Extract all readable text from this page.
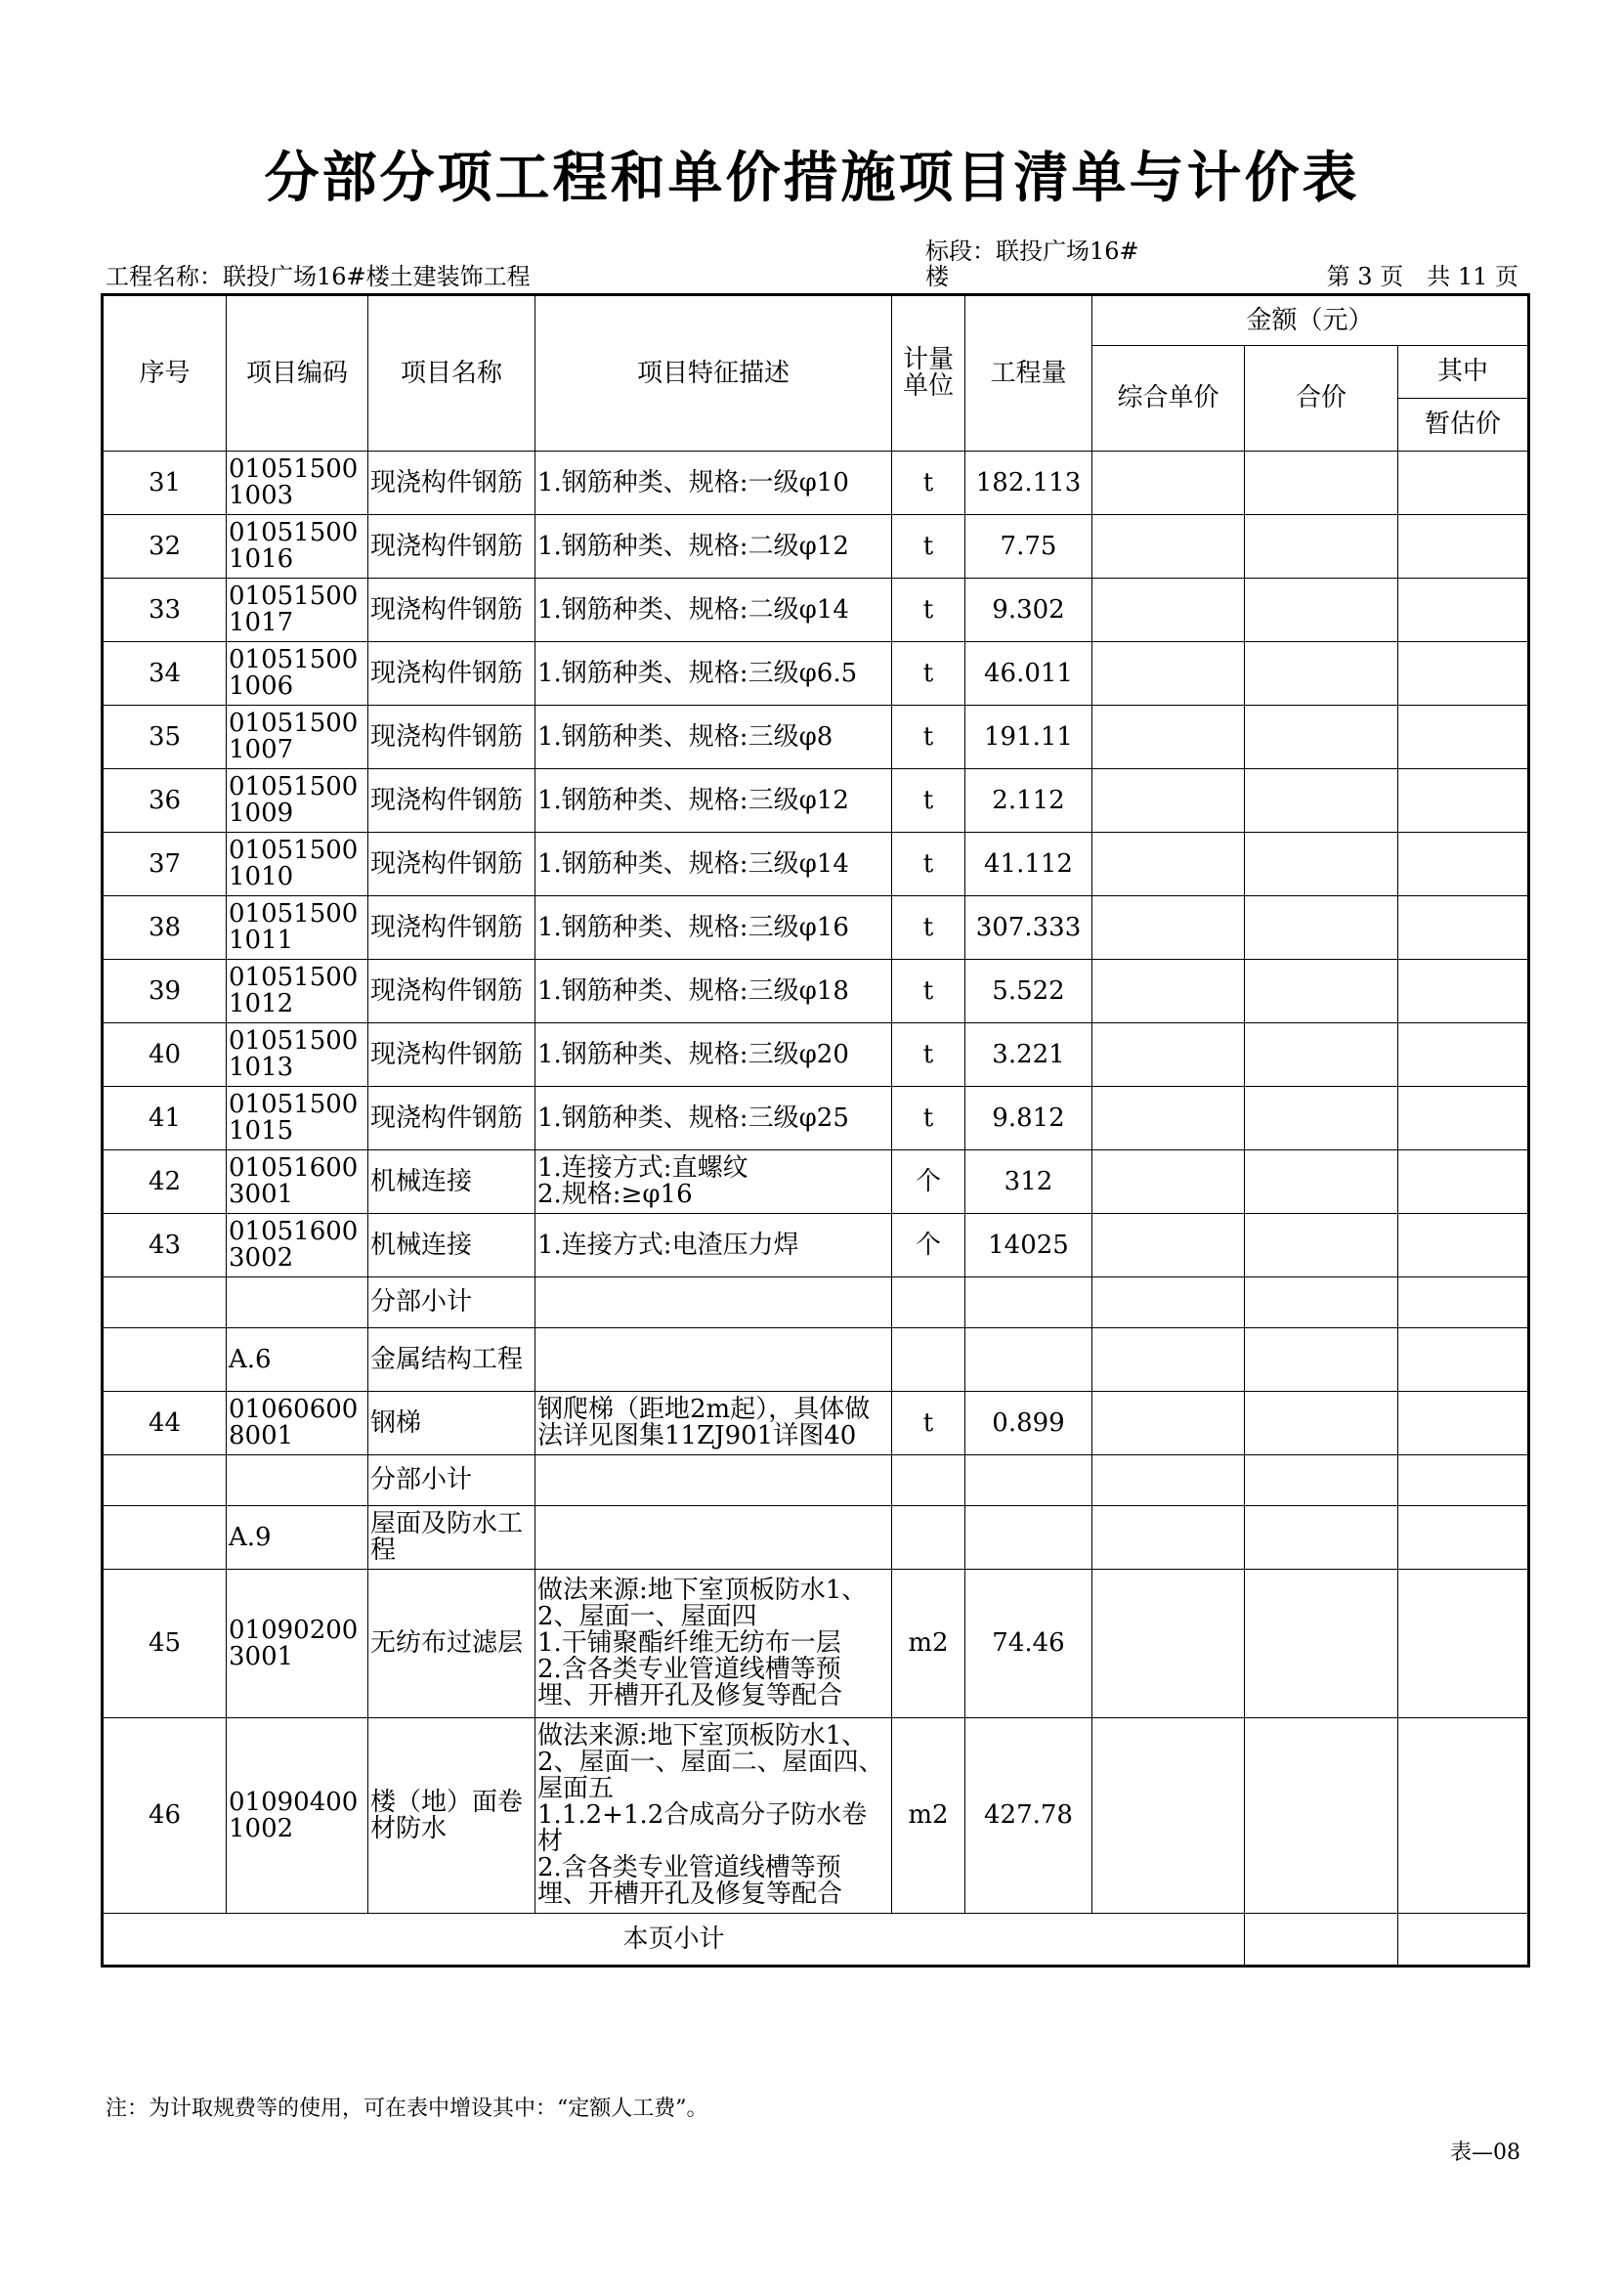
分部分项工程和单价措施项目清单与计价表
工程名称：联投广场16#楼土建装饰工程
标段：联投广场16#
楼	第 3 页　共 11 页
序号	项目编码	项目名称	项目特征描述	计量单位	工程量	金额（元）		
						综合单价	合价	其中
								暂估价
31	010515001003	现浇构件钢筋	1.钢筋种类、规格:一级φ10	t	182.113			
32	010515001016	现浇构件钢筋	1.钢筋种类、规格:二级φ12	t	7.75			
33	010515001017	现浇构件钢筋	1.钢筋种类、规格:二级φ14	t	9.302			
34	010515001006	现浇构件钢筋	1.钢筋种类、规格:三级φ6.5	t	46.011			
35	010515001007	现浇构件钢筋	1.钢筋种类、规格:三级φ8	t	191.11			
36	010515001009	现浇构件钢筋	1.钢筋种类、规格:三级φ12	t	2.112			
37	010515001010	现浇构件钢筋	1.钢筋种类、规格:三级φ14	t	41.112			
38	010515001011	现浇构件钢筋	1.钢筋种类、规格:三级φ16	t	307.333			
39	010515001012	现浇构件钢筋	1.钢筋种类、规格:三级φ18	t	5.522			
40	010515001013	现浇构件钢筋	1.钢筋种类、规格:三级φ20	t	3.221			
41	010515001015	现浇构件钢筋	1.钢筋种类、规格:三级φ25	t	9.812			
42	010516003001	机械连接	1.连接方式:直螺纹
2.规格:≥φ16	个	312			
43	010516003002	机械连接	1.连接方式:电渣压力焊	个	14025			
		分部小计						
	A.6	金属结构工程						
44	010606008001	钢梯	钢爬梯（距地2m起），具体做法详见图集11ZJ901详图40	t	0.899			
		分部小计						
	A.9	屋面及防水工程						
45	010902003001	无纺布过滤层	做法来源:地下室顶板防水1、2、屋面一、屋面四
1.干铺聚酯纤维无纺布一层
2.含各类专业管道线槽等预埋、开槽开孔及修复等配合	m2	74.46			
46	010904001002	楼（地）面卷材防水	做法来源:地下室顶板防水1、2、屋面一、屋面二、屋面四、屋面五
1.1.2+1.2合成高分子防水卷材
2.含各类专业管道线槽等预埋、开槽开孔及修复等配合	m2	427.78			
本页小计								
注：为计取规费等的使用，可在表中增设其中：“定额人工费”。
表—08
